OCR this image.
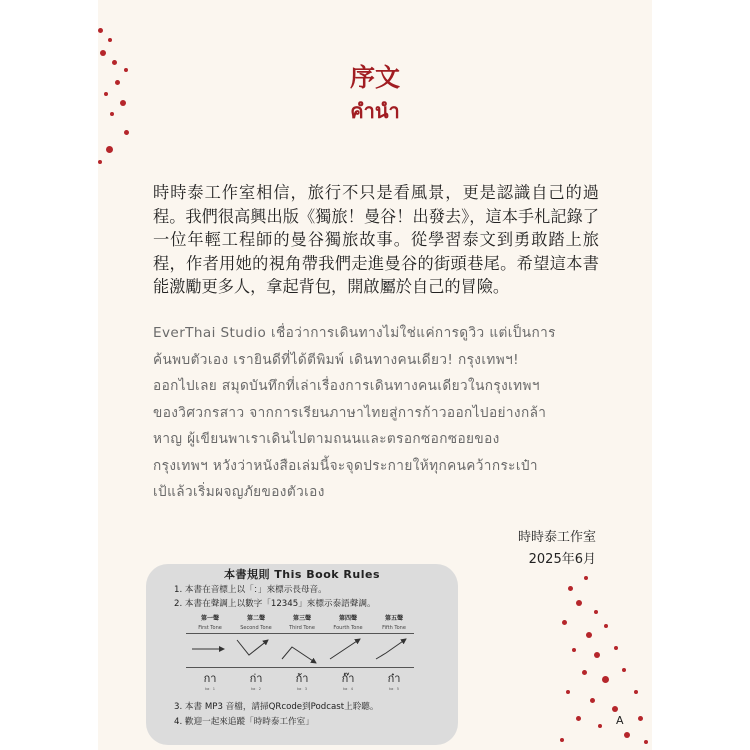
序文
คำนำ
時時泰工作室相信，旅行不只是看風景，更是認識自己的過程。我們很高興出版《獨旅！曼谷！出發去》，這本手札記錄了一位年輕工程師的曼谷獨旅故事。從學習泰文到勇敢踏上旅程，作者用她的視角帶我們走進曼谷的街頭巷尾。希望這本書能激勵更多人，拿起背包，開啟屬於自己的冒險。
EverThai Studio เชื่อว่าการเดินทางไม่ใช่แค่การดูวิว แต่เป็นการ
ค้นพบตัวเอง เรายินดีที่ได้ตีพิมพ์ เดินทางคนเดียว! กรุงเทพฯ!
ออกไปเลย สมุดบันทึกที่เล่าเรื่องการเดินทางคนเดียวในกรุงเทพฯ
ของวิศวกรสาว จากการเรียนภาษาไทยสู่การก้าวออกไปอย่างกล้า
หาญ ผู้เขียนพาเราเดินไปตามถนนและตรอกซอกซอยของ
กรุงเทพฯ หวังว่าหนังสือเล่มนี้จะจุดประกายให้ทุกคนคว้ากระเป๋า
เป้แล้วเริ่มผจญภัยของตัวเอง
時時泰工作室
2025年6月
本書規則 This Book Rules
1. 本書在音標上以「：」來標示長母音。
2. 本書在聲調上以數字「12345」來標示泰語聲調。
第一聲	第二聲	第三聲	第四聲	第五聲
First Tone	Second Tone	Third Tone	Fourth Tone	Fifth Tone
กา	ก่า	ก้า	ก๊า	ก๋า
ka：1	ka：2	ka：3	ka：4	ka：5
3. 本書 MP3 音檔，請掃QRcode到Podcast上聆聽。
4. 歡迎一起來追蹤「時時泰工作室」	A
